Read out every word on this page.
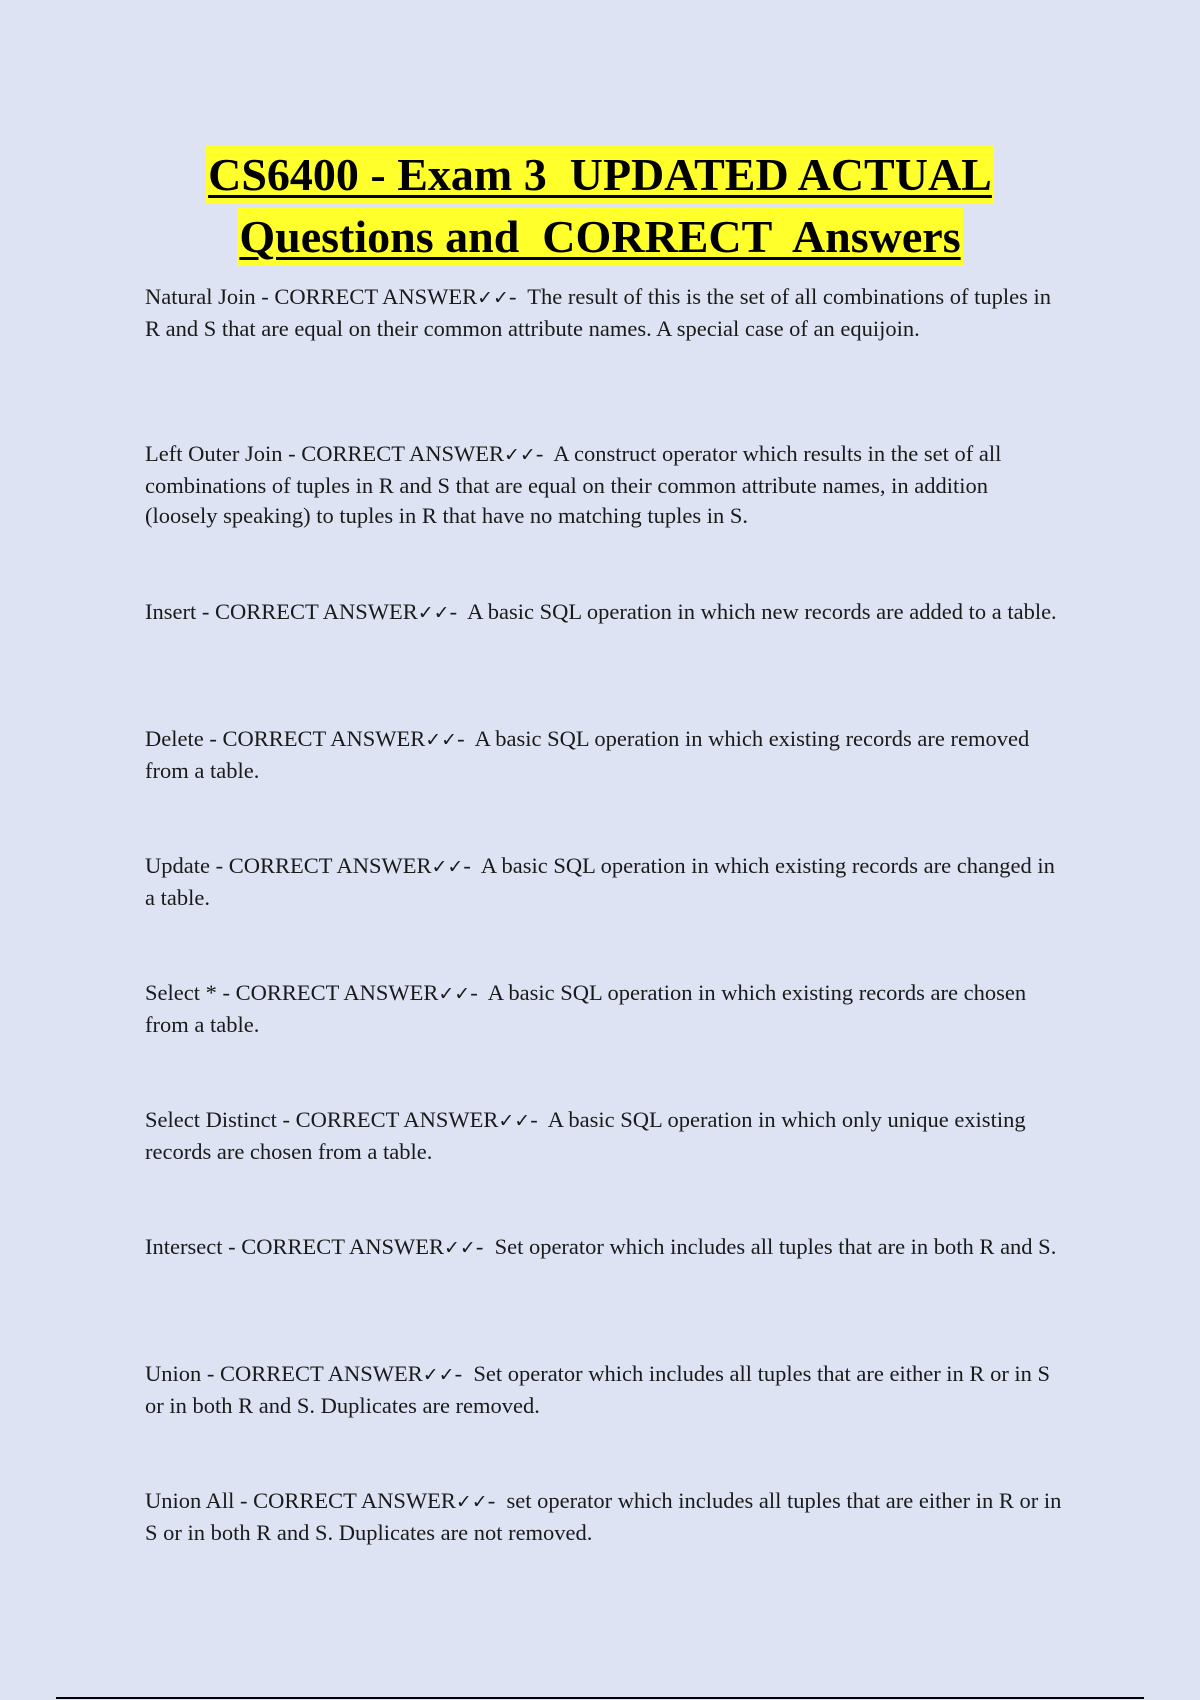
CS6400 - Exam 3  UPDATED ACTUAL
Questions and  CORRECT  Answers

Natural Join - CORRECT ANSWER✓✓-  The result of this is the set of all combinations of tuples in R and S that are equal on their common attribute names. A special case of an equijoin.

Left Outer Join - CORRECT ANSWER✓✓-  A construct operator which results in the set of all combinations of tuples in R and S that are equal on their common attribute names, in addition (loosely speaking) to tuples in R that have no matching tuples in S.

Insert - CORRECT ANSWER✓✓-  A basic SQL operation in which new records are added to a table.

Delete - CORRECT ANSWER✓✓-  A basic SQL operation in which existing records are removed from a table.

Update - CORRECT ANSWER✓✓-  A basic SQL operation in which existing records are changed in a table.

Select * - CORRECT ANSWER✓✓-  A basic SQL operation in which existing records are chosen from a table.

Select Distinct - CORRECT ANSWER✓✓-  A basic SQL operation in which only unique existing records are chosen from a table.

Intersect - CORRECT ANSWER✓✓-  Set operator which includes all tuples that are in both R and S.

Union - CORRECT ANSWER✓✓-  Set operator which includes all tuples that are either in R or in S or in both R and S. Duplicates are removed.

Union All - CORRECT ANSWER✓✓-  set operator which includes all tuples that are either in R or in S or in both R and S. Duplicates are not removed.
